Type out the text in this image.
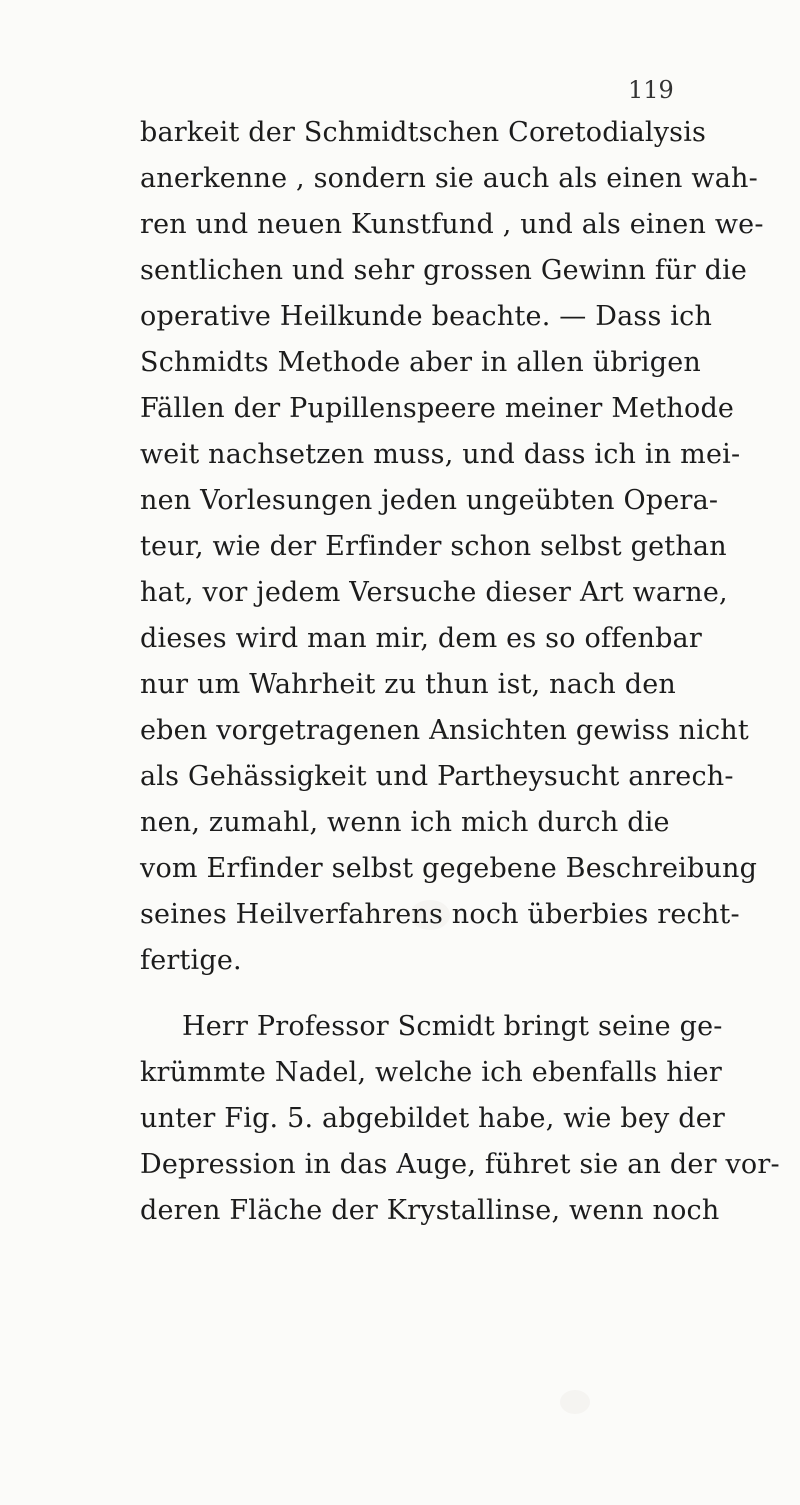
119
barkeit der Schmidtschen Coretodialysis
anerkenne , sondern sie auch als einen wah-
ren und neuen Kunstfund , und als einen we-
sentlichen und sehr grossen Gewinn für die
operative Heilkunde beachte. — Dass ich
Schmidts Methode aber in allen übrigen
Fällen der Pupillenspeere meiner Methode
weit nachsetzen muss, und dass ich in mei-
nen Vorlesungen jeden ungeübten Opera-
teur, wie der Erfinder schon selbst gethan
hat, vor jedem Versuche dieser Art warne,
dieses wird man mir, dem es so offenbar
nur um Wahrheit zu thun ist, nach den
eben vorgetragenen Ansichten gewiss nicht
als Gehässigkeit und Partheysucht anrech-
nen, zumahl, wenn ich mich durch die
vom Erfinder selbst gegebene Beschreibung
seines Heilverfahrens noch überbies recht-
fertige.
Herr Professor Scmidt bringt seine ge-
krümmte Nadel, welche ich ebenfalls hier
unter Fig. 5. abgebildet habe, wie bey der
Depression in das Auge, führet sie an der vor-
deren Fläche der Krystallinse, wenn noch
